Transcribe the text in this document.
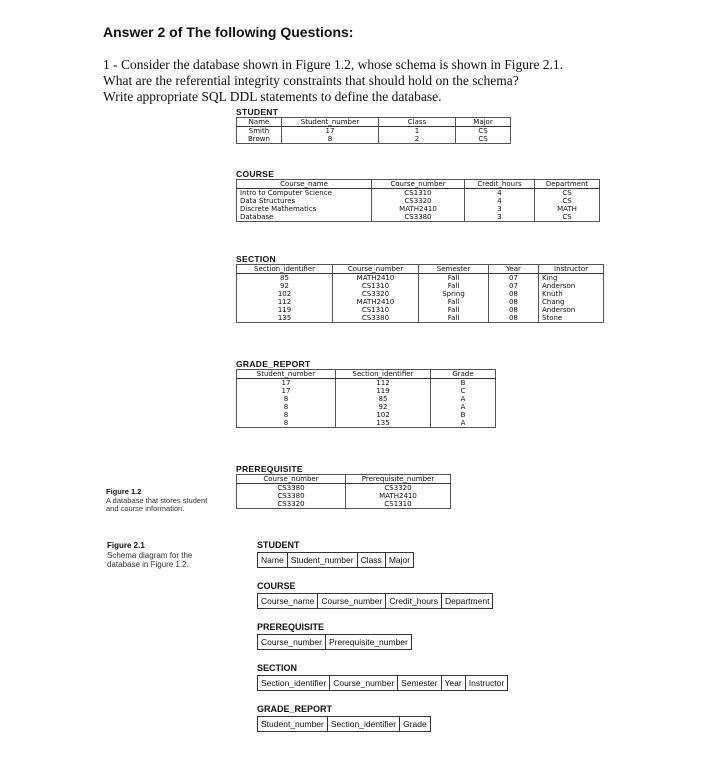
Answer 2 of The following Questions:
1 - Consider the database shown in Figure 1.2, whose schema is shown in Figure 2.1.
What are the referential integrity constraints that should hold on the schema?
Write appropriate SQL DDL statements to define the database.
STUDENT
Name	Student_number	Class	Major
Smith	17	1	CS
Brown	8	2	CS
COURSE
Course_name	Course_number	Credit_hours	Department
Intro to Computer Science	CS1310	4	CS
Data Structures	CS3320	4	CS
Discrete Mathematics	MATH2410	3	MATH
Database	CS3380	3	CS
SECTION
Section_identifier	Course_number	Semester	Year	Instructor
85	MATH2410	Fall	07	King
92	CS1310	Fall	07	Anderson
102	CS3320	Spring	08	Knuth
112	MATH2410	Fall	08	Chang
119	CS1310	Fall	08	Anderson
135	CS3380	Fall	08	Stone
GRADE_REPORT
Student_number	Section_identifier	Grade
17	112	B
17	119	C
8	85	A
8	92	A
8	102	B
8	135	A
PREREQUISITE
Course_number	Prerequisite_number
CS3380	CS3320
CS3380	MATH2410
CS3320	CS1310
Figure 1.2
A database that stores student and course information.
Figure 2.1
Schema diagram for the database in Figure 1.2.
STUDENT
Name Student_number Class Major
COURSE
Course_name Course_number Credit_hours Department
PREREQUISITE
Course_number Prerequisite_number
SECTION
Section_identifier Course_number Semester Year Instructor
GRADE_REPORT
Student_number Section_identifier Grade
